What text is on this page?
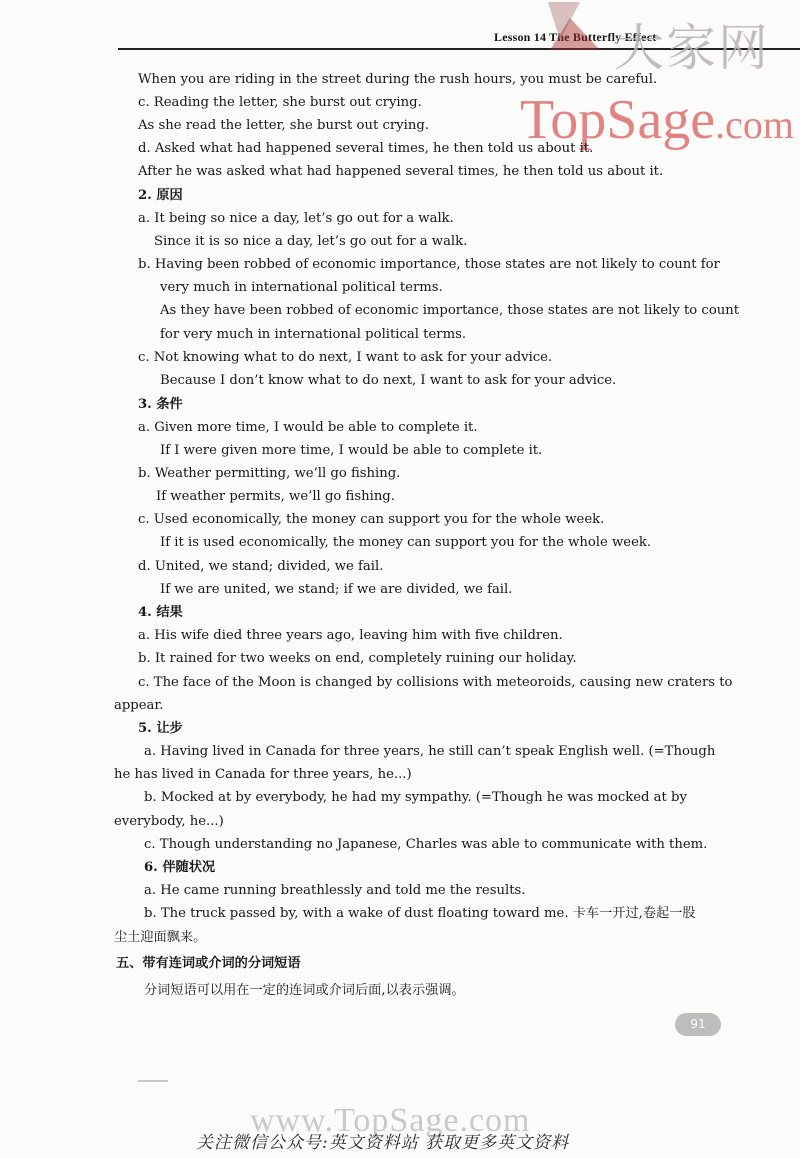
Lesson 14 The Butterfly Effect
大家网
TopSage.com
When you are riding in the street during the rush hours, you must be careful.
c. Reading the letter, she burst out crying.
As she read the letter, she burst out crying.
d. Asked what had happened several times, he then told us about it.
After he was asked what had happened several times, he then told us about it.
2. 原因
a. It being so nice a day, let’s go out for a walk.
Since it is so nice a day, let’s go out for a walk.
b. Having been robbed of economic importance, those states are not likely to count for
very much in international political terms.
As they have been robbed of economic importance, those states are not likely to count
for very much in international political terms.
c. Not knowing what to do next, I want to ask for your advice.
Because I don’t know what to do next, I want to ask for your advice.
3. 条件
a. Given more time, I would be able to complete it.
If I were given more time, I would be able to complete it.
b. Weather permitting, we’ll go fishing.
If weather permits, we’ll go fishing.
c. Used economically, the money can support you for the whole week.
If it is used economically, the money can support you for the whole week.
d. United, we stand; divided, we fail.
If we are united, we stand; if we are divided, we fail.
4. 结果
a. His wife died three years ago, leaving him with five children.
b. It rained for two weeks on end, completely ruining our holiday.
c. The face of the Moon is changed by collisions with meteoroids, causing new craters to
appear.
5. 让步
a. Having lived in Canada for three years, he still can’t speak English well. (=Though
he has lived in Canada for three years, he...)
b. Mocked at by everybody, he had my sympathy. (=Though he was mocked at by
everybody, he...)
c. Though understanding no Japanese, Charles was able to communicate with them.
6. 伴随状况
a. He came running breathlessly and told me the results.
b. The truck passed by, with a wake of dust floating toward me. 卡车一开过,卷起一股
尘土迎面飘来。
五、带有连词或介词的分词短语
分词短语可以用在一定的连词或介词后面,以表示强调。
91
www.TopSage.com
关注微信公众号:英文资料站 获取更多英文资料
